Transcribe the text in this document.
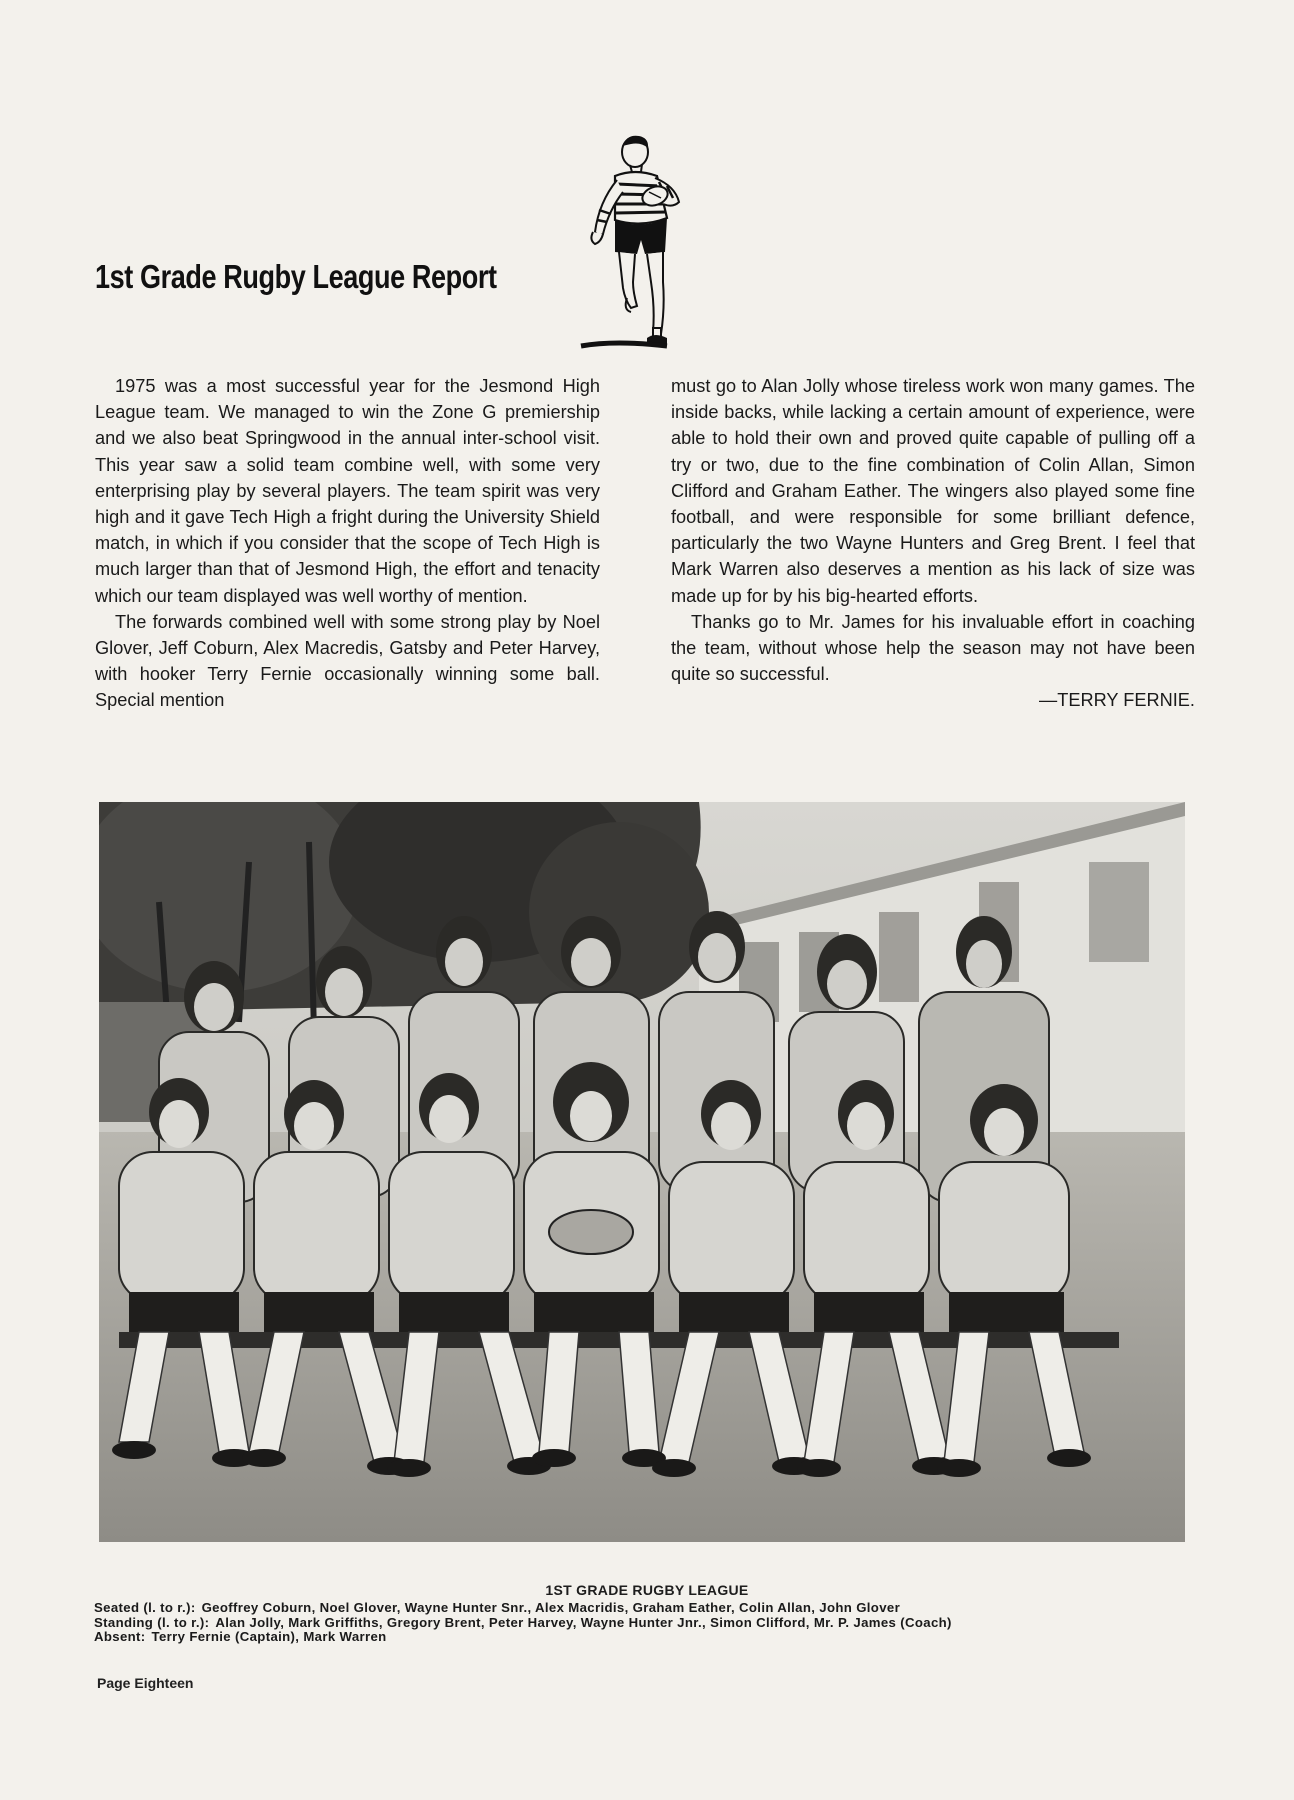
1st Grade Rugby League Report

1975 was a most successful year for the Jesmond High League team. We managed to win the Zone G premiership and we also beat Springwood in the annual inter-school visit. This year saw a solid team combine well, with some very enterprising play by several players. The team spirit was very high and it gave Tech High a fright during the University Shield match, in which if you consider that the scope of Tech High is much larger than that of Jesmond High, the effort and tenacity which our team displayed was well worthy of mention.

The forwards combined well with some strong play by Noel Glover, Jeff Coburn, Alex Macredis, Gatsby and Peter Harvey, with hooker Terry Fernie occasionally winning some ball. Special mention

must go to Alan Jolly whose tireless work won many games. The inside backs, while lacking a certain amount of experience, were able to hold their own and proved quite capable of pulling off a try or two, due to the fine combination of Colin Allan, Simon Clifford and Graham Eather. The wingers also played some fine football, and were responsible for some brilliant defence, particularly the two Wayne Hunters and Greg Brent. I feel that Mark Warren also deserves a mention as his lack of size was made up for by his big-hearted efforts.

Thanks go to Mr. James for his invaluable effort in coaching the team, without whose help the season may not have been quite so successful.

—TERRY FERNIE.

1ST GRADE RUGBY LEAGUE
Seated (l. to r.): Geoffrey Coburn, Noel Glover, Wayne Hunter Snr., Alex Macridis, Graham Eather, Colin Allan, John Glover
Standing (l. to r.): Alan Jolly, Mark Griffiths, Gregory Brent, Peter Harvey, Wayne Hunter Jnr., Simon Clifford, Mr. P. James (Coach)
Absent: Terry Fernie (Captain), Mark Warren
Page Eighteen
